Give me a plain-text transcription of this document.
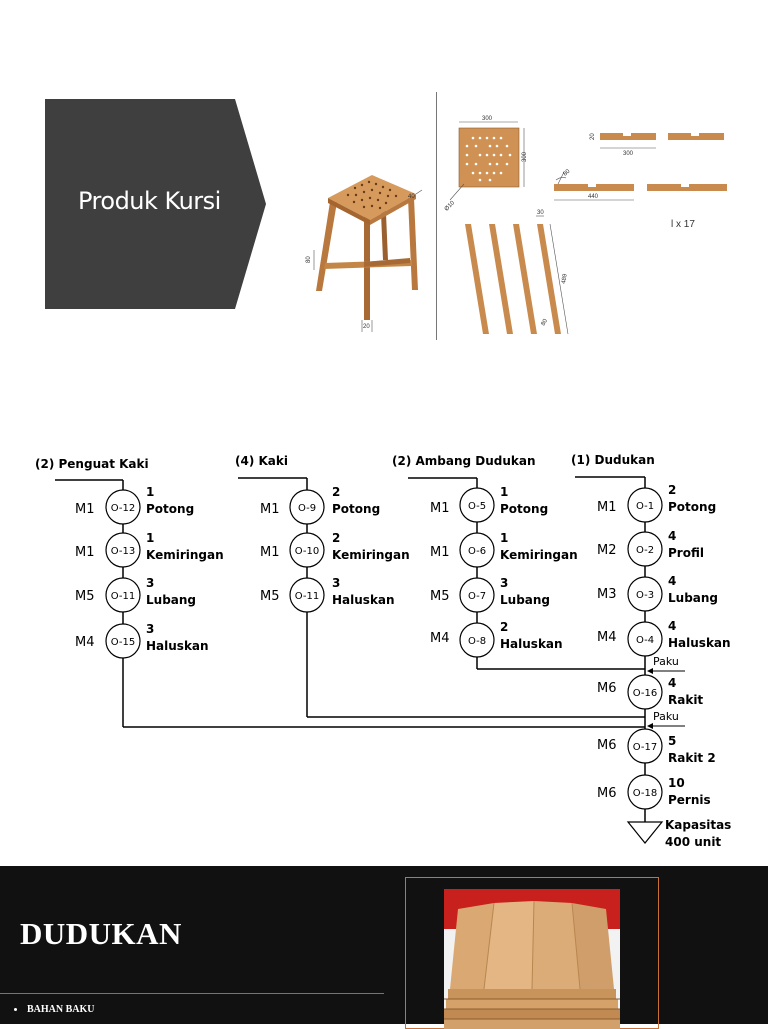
Produk Kursi	40
80
20
300
300
Ø10
300
20
440
80
l x 17
30
489
80
(2) Penguat Kaki
O-12
O-13
O-11
O-15
M1
M1
M5
M4
1
Potong
1
Kemiringan
3
Lubang
3
Haluskan
(4) Kaki
O-9
O-10
O-11
M1
M1
M5
2
Potong
2
Kemiringan
3
Haluskan
(2) Ambang Dudukan
O-5
O-6
O-7
O-8
M1
M1
M5
M4
1
Potong
1
Kemiringan
3
Lubang
2
Haluskan
(1) Dudukan
Paku
Paku
O-1
O-2
O-3
O-4
O-16
O-17
O-18
M1
M2
M3
M4
M6
M6
M6
2
Potong
4
Profil
4
Lubang
4
Haluskan
4
Rakit
5
Rakit 2
10
Pernis
Kapasitas
400 unit
DUDUKAN
BAHAN BAKU
